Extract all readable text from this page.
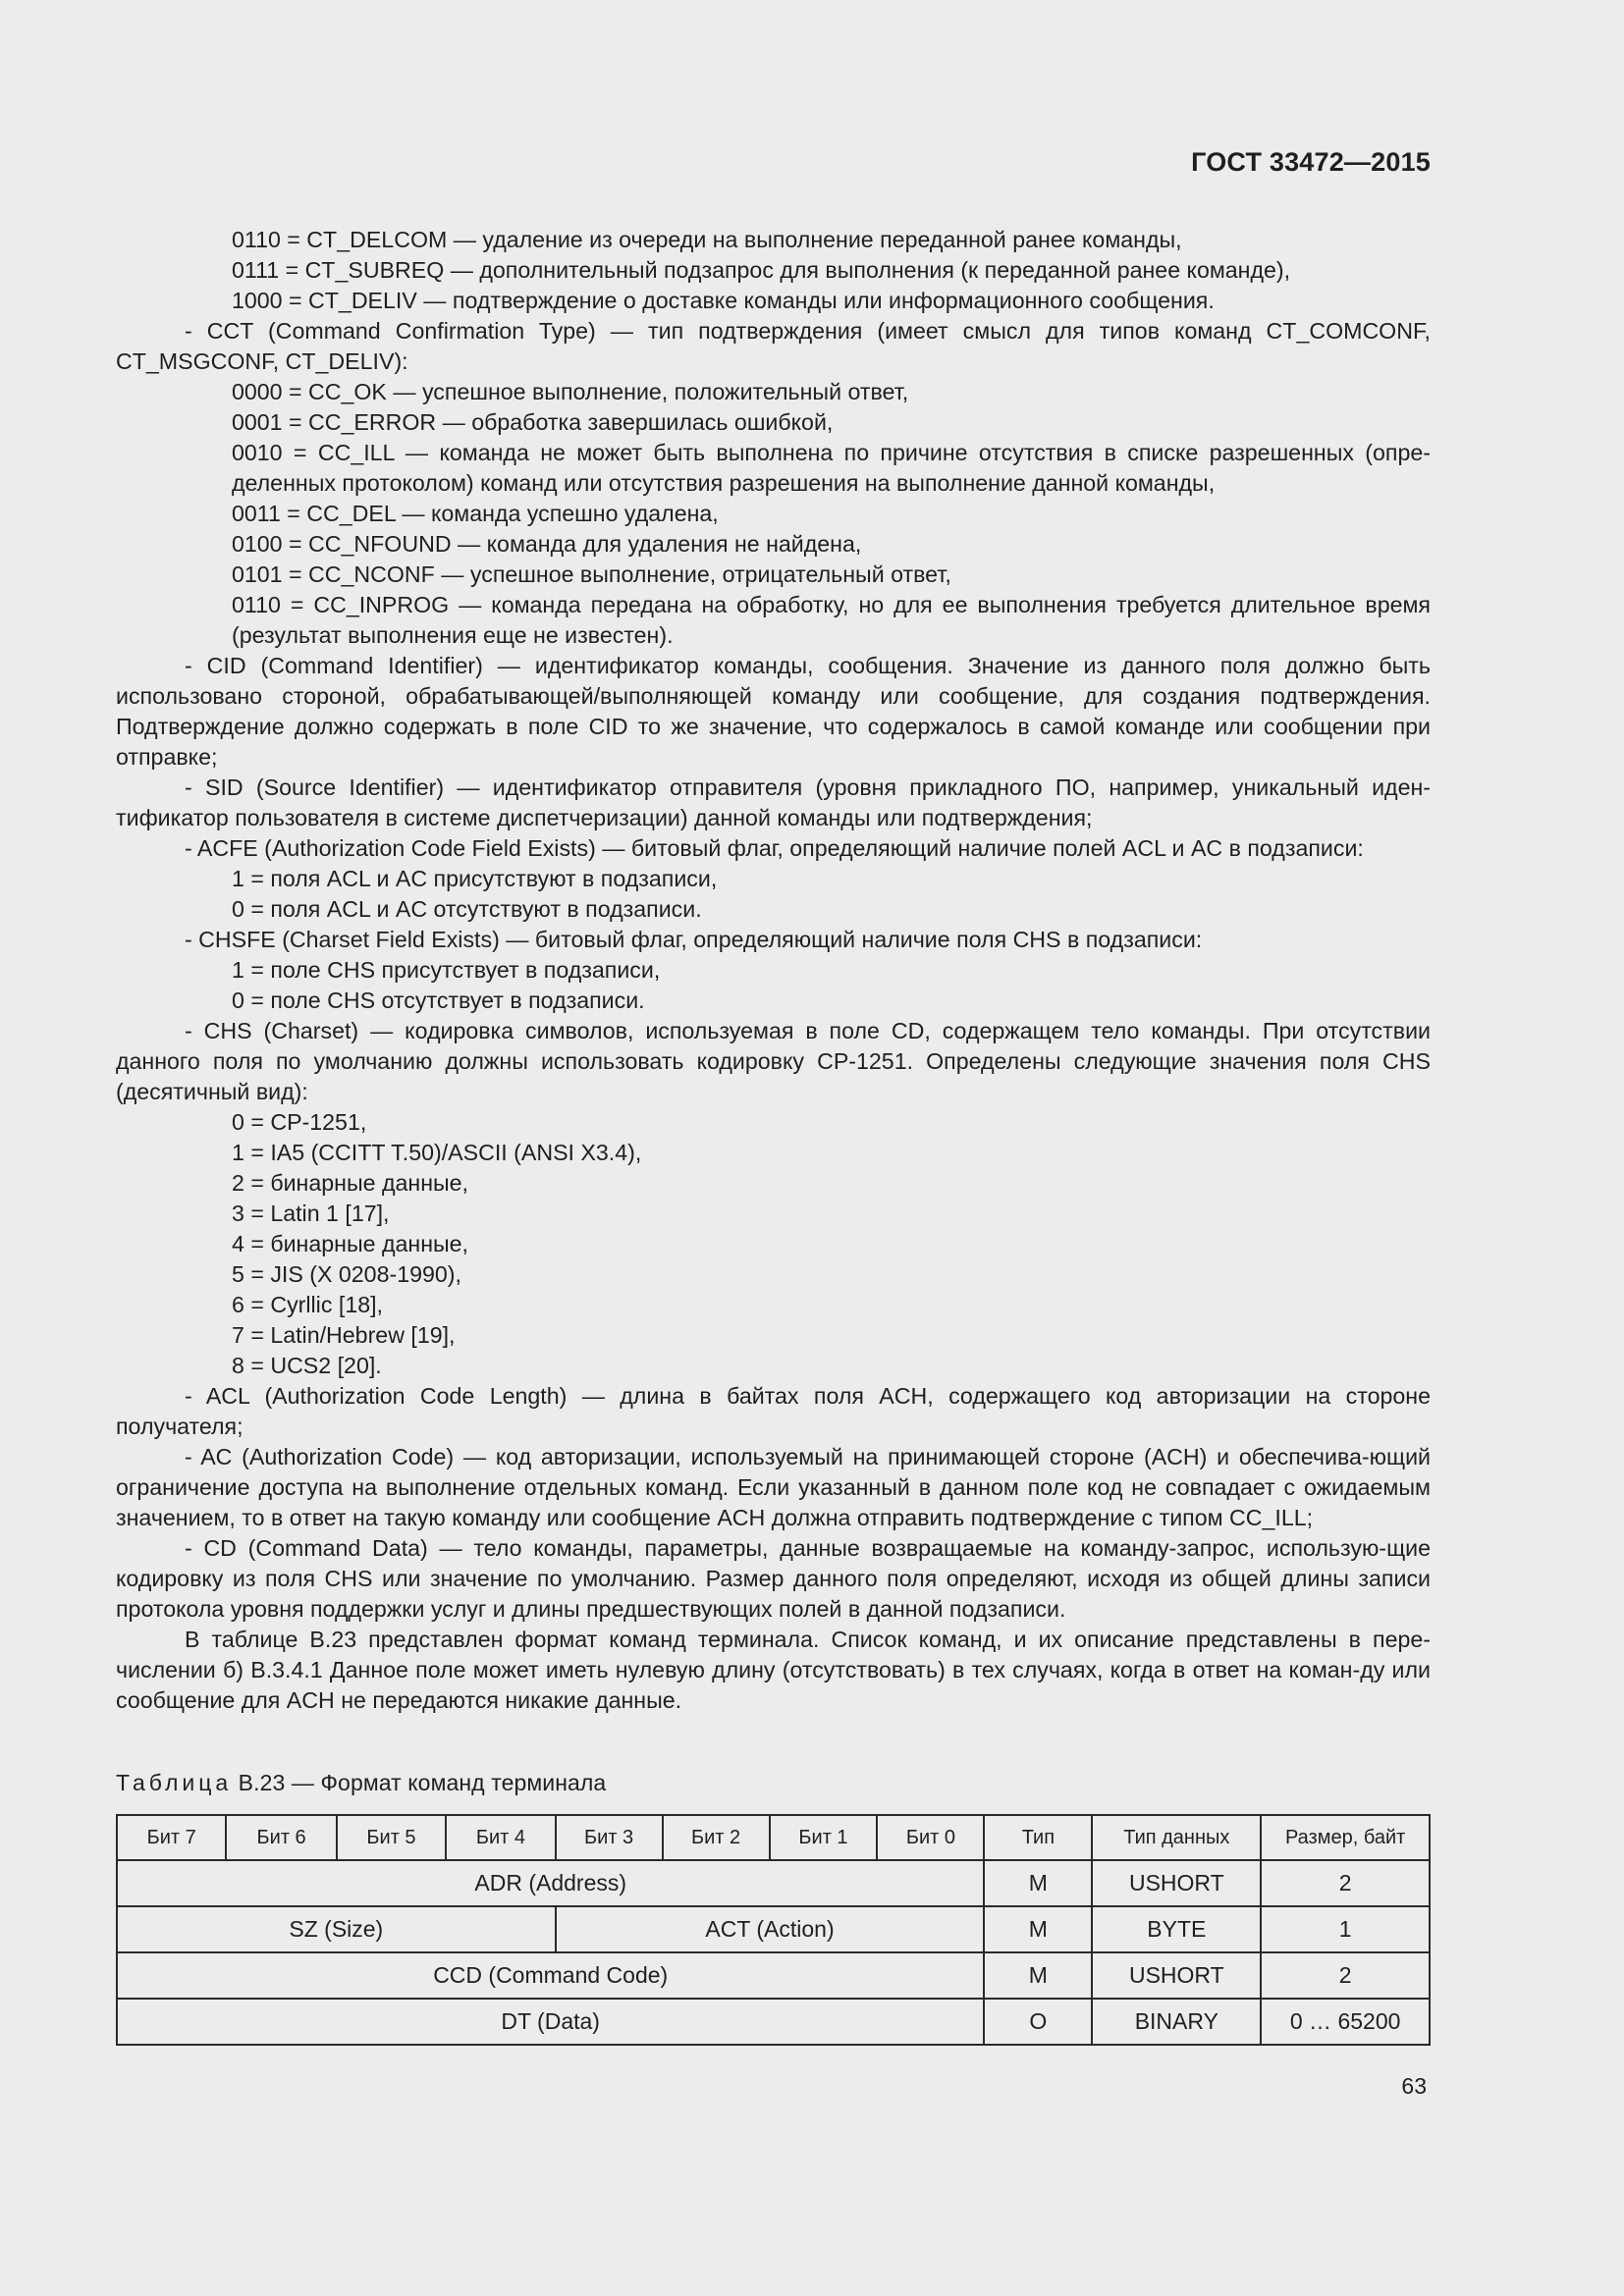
ГОСТ 33472—2015

0110 = CT_DELCOM — удаление из очереди на выполнение переданной ранее команды,

0111 = CT_SUBREQ — дополнительный подзапрос для выполнения (к переданной ранее команде),

1000 = CT_DELIV — подтверждение о доставке команды или информационного сообщения.

- CCT (Command Confirmation Type) — тип подтверждения (имеет смысл для типов команд CT_COMCONF, CT_MSGCONF, CT_DELIV):

0000 = CC_OK — успешное выполнение, положительный ответ,

0001 = CC_ERROR — обработка завершилась ошибкой,

0010 = CC_ILL — команда не может быть выполнена по причине отсутствия в списке разрешенных (опре-деленных протоколом) команд или отсутствия разрешения на выполнение данной команды,

0011 = CC_DEL — команда успешно удалена,

0100 = CC_NFOUND — команда для удаления не найдена,

0101 = CC_NCONF — успешное выполнение, отрицательный ответ,

0110 = CC_INPROG — команда передана на обработку, но для ее выполнения требуется длительное время (результат выполнения еще не известен).

- CID (Command Identifier) — идентификатор команды, сообщения. Значение из данного поля должно быть использовано стороной, обрабатывающей/выполняющей команду или сообщение, для создания подтверждения. Подтверждение должно содержать в поле CID то же значение, что содержалось в самой команде или сообщении при отправке;

- SID (Source Identifier) — идентификатор отправителя (уровня прикладного ПО, например, уникальный иден-тификатор пользователя в системе диспетчеризации) данной команды или подтверждения;

- ACFE (Authorization Code Field Exists) — битовый флаг, определяющий наличие полей ACL и AC в подзаписи:

1 = поля ACL и AC присутствуют в подзаписи,

0 = поля ACL и AC отсутствуют в подзаписи.

- CHSFE (Charset Field Exists) — битовый флаг, определяющий наличие поля CHS в подзаписи:

1 = поле CHS присутствует в подзаписи,

0 = поле CHS отсутствует в подзаписи.

- CHS (Charset) — кодировка символов, используемая в поле CD, содержащем тело команды. При отсутствии данного поля по умолчанию должны использовать кодировку CP-1251. Определены следующие значения поля CHS (десятичный вид):

0 = CP-1251,

1 = IA5 (CCITT T.50)/ASCII (ANSI X3.4),

2 = бинарные данные,

3 = Latin 1 [17],

4 = бинарные данные,

5 = JIS (X 0208-1990),

6 = Cyrllic [18],

7 = Latin/Hebrew [19],

8 = UCS2 [20].

- ACL (Authorization Code Length) — длина в байтах поля ACH, содержащего код авторизации на стороне получателя;

- AC (Authorization Code) — код авторизации, используемый на принимающей стороне (ACH) и обеспечива-ющий ограничение доступа на выполнение отдельных команд. Если указанный в данном поле код не совпадает с ожидаемым значением, то в ответ на такую команду или сообщение ACH должна отправить подтверждение с типом CC_ILL;

- CD (Command Data) — тело команды, параметры, данные возвращаемые на команду-запрос, использую-щие кодировку из поля CHS или значение по умолчанию. Размер данного поля определяют, исходя из общей длины записи протокола уровня поддержки услуг и длины предшествующих полей в данной подзаписи.

В таблице В.23 представлен формат команд терминала. Список команд, и их описание представлены в пере-числении б) В.3.4.1 Данное поле может иметь нулевую длину (отсутствовать) в тех случаях, когда в ответ на коман-ду или сообщение для ACH не передаются никакие данные.

Таблица В.23 — Формат команд терминала
Бит 7	Бит 6	Бит 5	Бит 4	Бит 3	Бит 2	Бит 1	Бит 0	Тип	Тип данных	Размер, байт
ADR (Address)								M	USHORT	2
SZ (Size)				ACT (Action)				M	BYTE	1
CCD (Command Code)								M	USHORT	2
DT (Data)								O	BINARY	0 … 65200
63
